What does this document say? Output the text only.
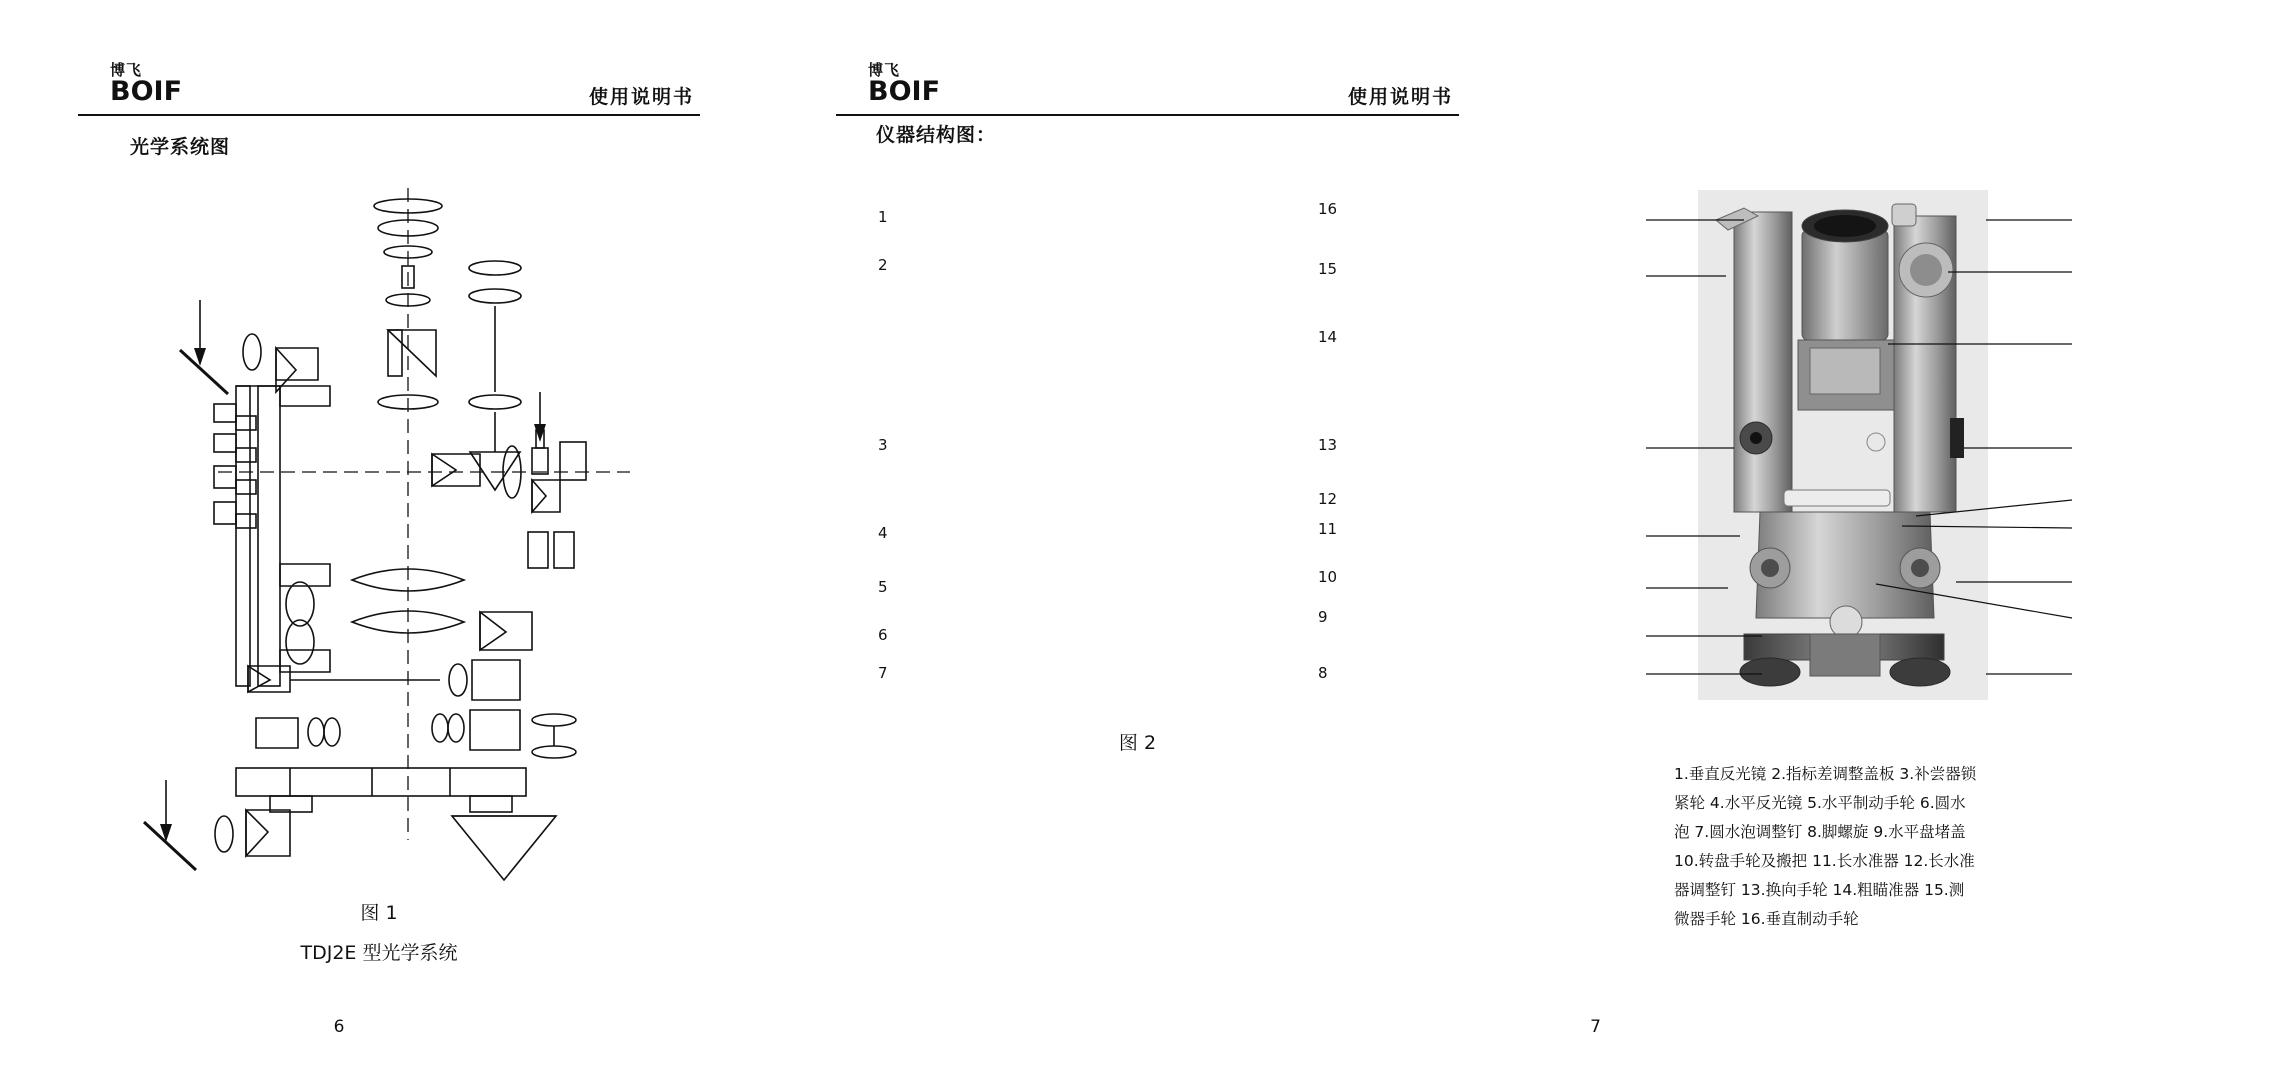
博飞
BOIF	使用说明书
光学系统图
图 1
TDJ2E 型光学系统
6
博飞
BOIF	使用说明书
仪器结构图：
1
2
3
4
5
6
7
16
15
14
13
12
11
10
9
8
图 2
1.垂直反光镜 2.指标差调整盖板 3.补尝器锁
紧轮 4.水平反光镜 5.水平制动手轮 6.圆水
泡 7.圆水泡调整钉 8.脚螺旋 9.水平盘堵盖
10.转盘手轮及搬把 11.长水准器 12.长水准
器调整钉 13.换向手轮 14.粗瞄准器 15.测
微器手轮 16.垂直制动手轮
7
